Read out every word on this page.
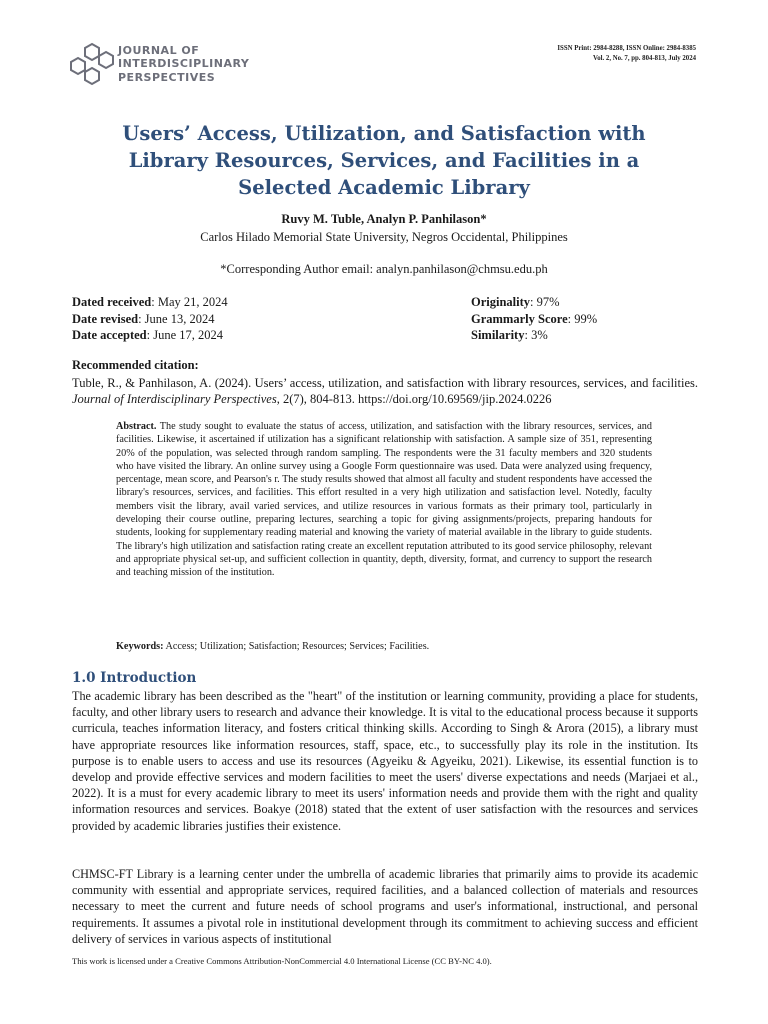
JOURNAL OF
INTERDISCIPLINARY
PERSPECTIVES
ISSN Print: 2984-8288, ISSN Online: 2984-8385
Vol. 2, No. 7, pp. 804-813, July 2024
Users’ Access, Utilization, and Satisfaction with
Library Resources, Services, and Facilities in a
Selected Academic Library
Ruvy M. Tuble, Analyn P. Panhilason*
Carlos Hilado Memorial State University, Negros Occidental, Philippines
*Corresponding Author email: analyn.panhilason@chmsu.edu.ph
Dated received: May 21, 2024
Date revised: June 13, 2024
Date accepted: June 17, 2024
Originality: 97%
Grammarly Score: 99%
Similarity: 3%
Recommended citation:
Tuble, R., & Panhilason, A. (2024). Users’ access, utilization, and satisfaction with library resources, services, and facilities. Journal of Interdisciplinary Perspectives, 2(7), 804-813. https://doi.org/10.69569/jip.2024.0226
Abstract. The study sought to evaluate the status of access, utilization, and satisfaction with the library resources, services, and facilities. Likewise, it ascertained if utilization has a significant relationship with satisfaction. A sample size of 351, representing 20% of the population, was selected through random sampling. The respondents were the 31 faculty members and 320 students who have visited the library. An online survey using a Google Form questionnaire was used. Data were analyzed using frequency, percentage, mean score, and Pearson's r. The study results showed that almost all faculty and student respondents have accessed the library's resources, services, and facilities. This effort resulted in a very high utilization and satisfaction level. Notedly, faculty members visit the library, avail varied services, and utilize resources in various formats as their primary tool, particularly in developing their course outline, preparing lectures, searching a topic for giving assignments/projects, preparing handouts for students, looking for supplementary reading material and knowing the variety of material available in the library to guide students. The library's high utilization and satisfaction rating create an excellent reputation attributed to its good service philosophy, relevant and appropriate physical set-up, and sufficient collection in quantity, depth, diversity, format, and currency to support the research and teaching mission of the institution.
Keywords: Access; Utilization; Satisfaction; Resources; Services; Facilities.
1.0 Introduction
The academic library has been described as the "heart" of the institution or learning community, providing a place for students, faculty, and other library users to research and advance their knowledge. It is vital to the educational process because it supports curricula, teaches information literacy, and fosters critical thinking skills. According to Singh & Arora (2015), a library must have appropriate resources like information resources, staff, space, etc., to successfully play its role in the institution. Its purpose is to enable users to access and use its resources (Agyeiku & Agyeiku, 2021). Likewise, its essential function is to develop and provide effective services and modern facilities to meet the users' diverse expectations and needs (Marjaei et al., 2022). It is a must for every academic library to meet its users' information needs and provide them with the right and quality information resources and services. Boakye (2018) stated that the extent of user satisfaction with the resources and services provided by academic libraries justifies their existence.
CHMSC-FT Library is a learning center under the umbrella of academic libraries that primarily aims to provide its academic community with essential and appropriate services, required facilities, and a balanced collection of materials and resources necessary to meet the current and future needs of school programs and user's informational, instructional, and personal requirements. It assumes a pivotal role in institutional development through its commitment to achieving success and efficient delivery of services in various aspects of institutional
This work is licensed under a Creative Commons Attribution-NonCommercial 4.0 International License (CC BY-NC 4.0).
